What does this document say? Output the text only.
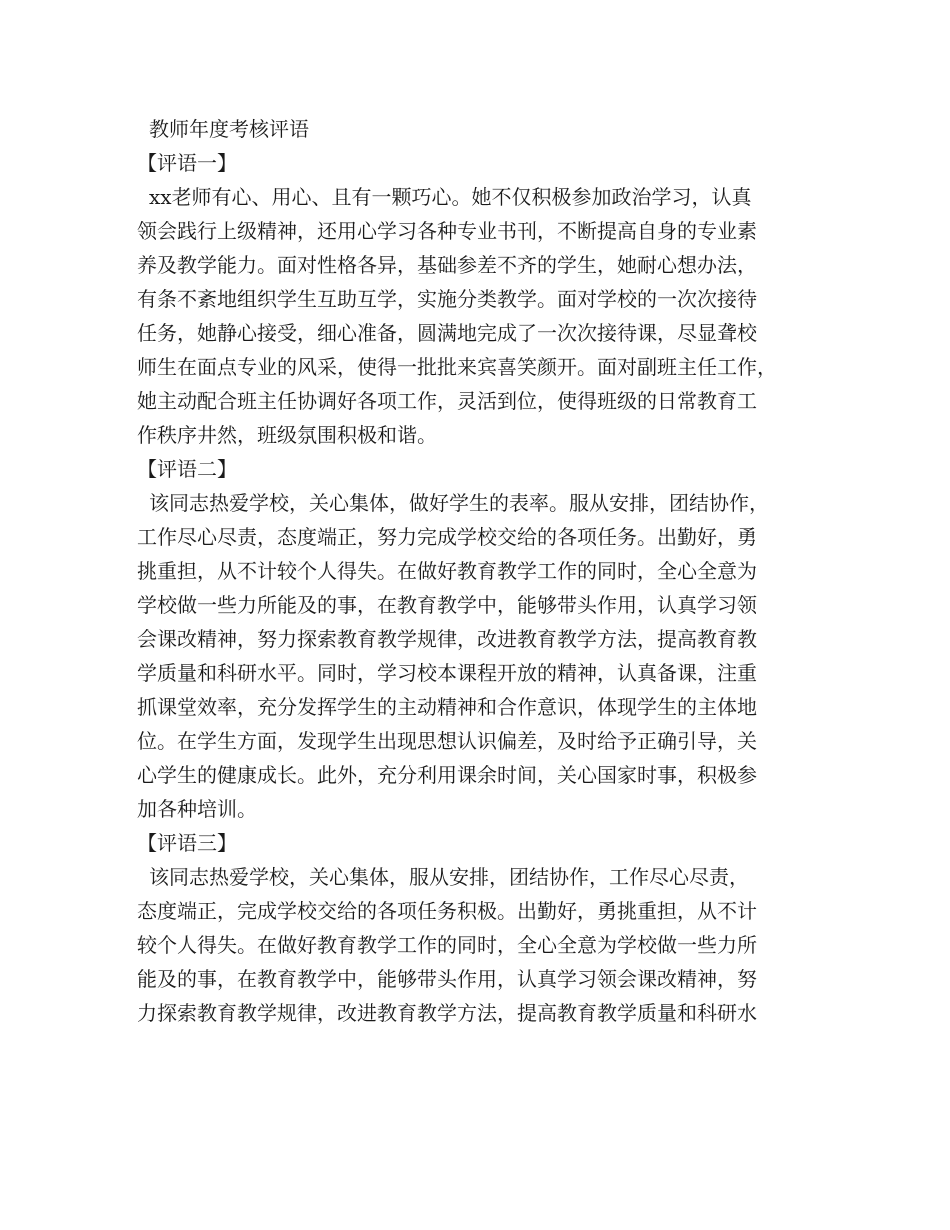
教师年度考核评语
【评语一】
xx老师有心、用心、且有一颗巧心。她不仅积极参加政治学习，认真
领会践行上级精神，还用心学习各种专业书刊，不断提高自身的专业素
养及教学能力。面对性格各异，基础参差不齐的学生，她耐心想办法，
有条不紊地组织学生互助互学，实施分类教学。面对学校的一次次接待
任务，她静心接受，细心准备，圆满地完成了一次次接待课，尽显聋校
师生在面点专业的风采，使得一批批来宾喜笑颜开。面对副班主任工作，
她主动配合班主任协调好各项工作，灵活到位，使得班级的日常教育工
作秩序井然，班级氛围积极和谐。
【评语二】
该同志热爱学校，关心集体，做好学生的表率。服从安排，团结协作，
工作尽心尽责，态度端正，努力完成学校交给的各项任务。出勤好，勇
挑重担，从不计较个人得失。在做好教育教学工作的同时，全心全意为
学校做一些力所能及的事，在教育教学中，能够带头作用，认真学习领
会课改精神，努力探索教育教学规律，改进教育教学方法，提高教育教
学质量和科研水平。同时，学习校本课程开放的精神，认真备课，注重
抓课堂效率，充分发挥学生的主动精神和合作意识，体现学生的主体地
位。在学生方面，发现学生出现思想认识偏差，及时给予正确引导，关
心学生的健康成长。此外，充分利用课余时间，关心国家时事，积极参
加各种培训。
【评语三】
该同志热爱学校，关心集体，服从安排，团结协作，工作尽心尽责，
态度端正，完成学校交给的各项任务积极。出勤好，勇挑重担，从不计
较个人得失。在做好教育教学工作的同时，全心全意为学校做一些力所
能及的事，在教育教学中，能够带头作用，认真学习领会课改精神，努
力探索教育教学规律，改进教育教学方法，提高教育教学质量和科研水
